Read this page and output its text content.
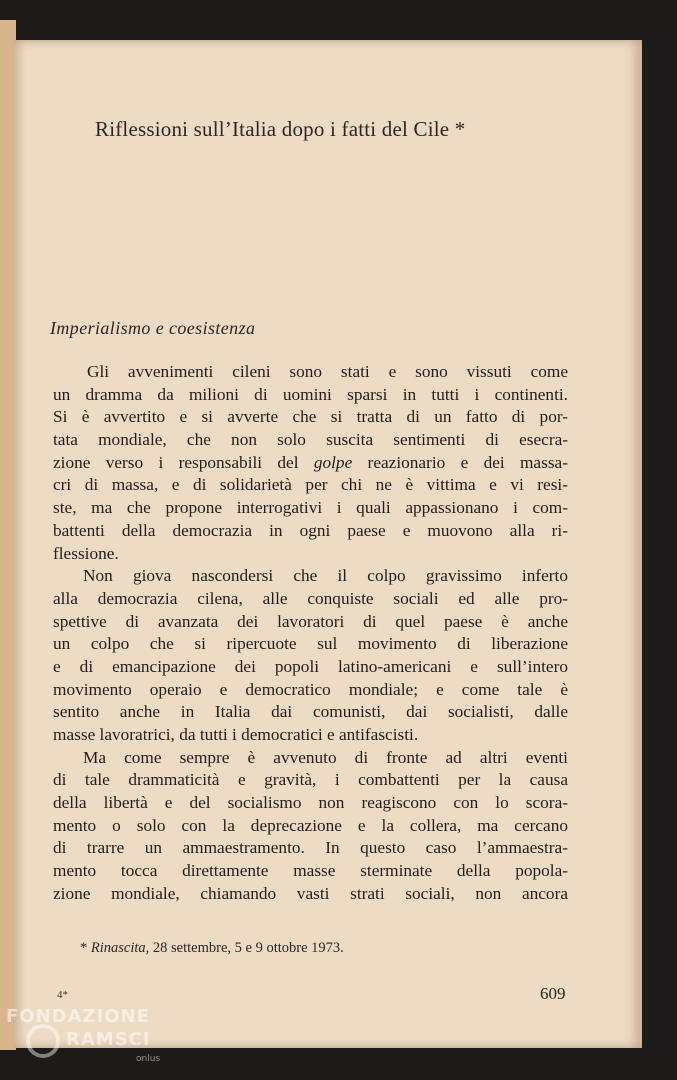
Riflessioni sull’Italia dopo i fatti del Cile *
Imperialismo e coesistenza
Gli avvenimenti cileni sono stati e sono vissuti come
un dramma da milioni di uomini sparsi in tutti i continenti.
Si è avvertito e si avverte che si tratta di un fatto di por-
tata mondiale, che non solo suscita sentimenti di esecra-
zione verso i responsabili del golpe reazionario e dei massa-
cri di massa, e di solidarietà per chi ne è vittima e vi resi-
ste, ma che propone interrogativi i quali appassionano i com-
battenti della democrazia in ogni paese e muovono alla ri-
flessione.
Non giova nascondersi che il colpo gravissimo inferto
alla democrazia cilena, alle conquiste sociali ed alle pro-
spettive di avanzata dei lavoratori di quel paese è anche
un colpo che si ripercuote sul movimento di liberazione
e di emancipazione dei popoli latino-americani e sull’intero
movimento operaio e democratico mondiale; e come tale è
sentito anche in Italia dai comunisti, dai socialisti, dalle
masse lavoratrici, da tutti i democratici e antifascisti.
Ma come sempre è avvenuto di fronte ad altri eventi
di tale drammaticità e gravità, i combattenti per la causa
della libertà e del socialismo non reagiscono con lo scora-
mento o solo con la deprecazione e la collera, ma cercano
di trarre un ammaestramento. In questo caso l’ammaestra-
mento tocca direttamente masse sterminate della popola-
zione mondiale, chiamando vasti strati sociali, non ancora
* Rinascita, 28 settembre, 5 e 9 ottobre 1973.
4*	609
FONDAZIONE
RAMSCI
onlus
